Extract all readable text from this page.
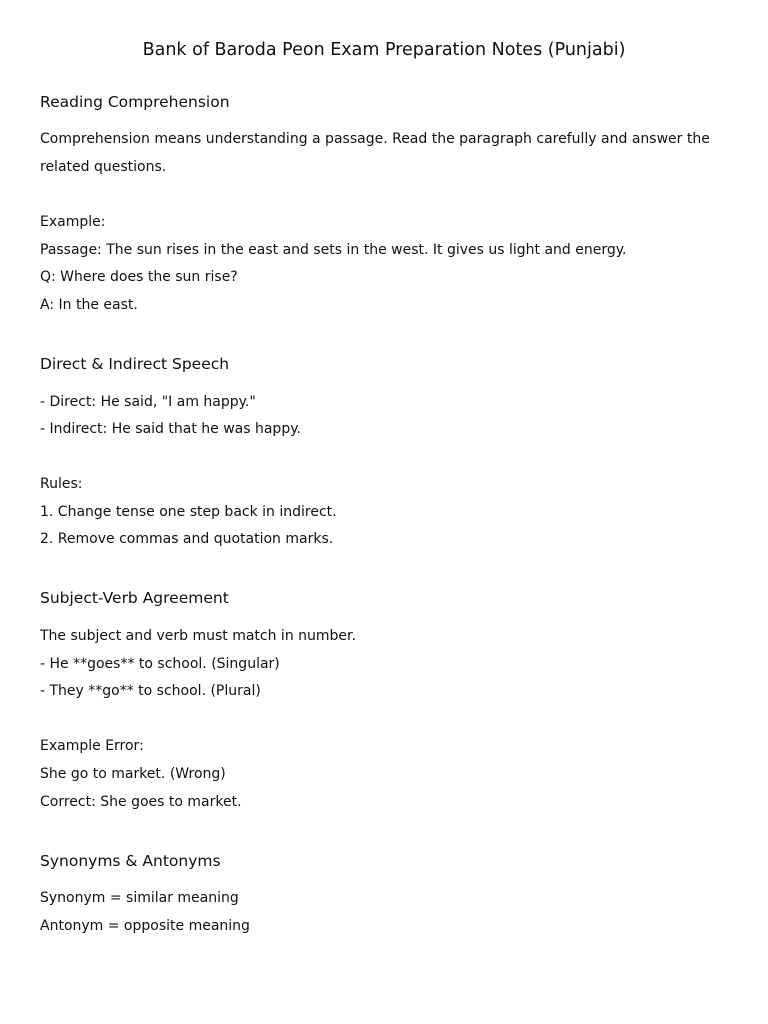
Bank of Baroda Peon Exam Preparation Notes (Punjabi)
Reading Comprehension

Comprehension means understanding a passage. Read the paragraph carefully and answer the

related questions.

Example:

Passage: The sun rises in the east and sets in the west. It gives us light and energy.

Q: Where does the sun rise?

A: In the east.

Direct & Indirect Speech

- Direct: He said, "I am happy."

- Indirect: He said that he was happy.

Rules:

1. Change tense one step back in indirect.

2. Remove commas and quotation marks.

Subject-Verb Agreement

The subject and verb must match in number.

- He **goes** to school. (Singular)

- They **go** to school. (Plural)

Example Error:

She go to market. (Wrong)

Correct: She goes to market.

Synonyms & Antonyms

Synonym = similar meaning

Antonym = opposite meaning
